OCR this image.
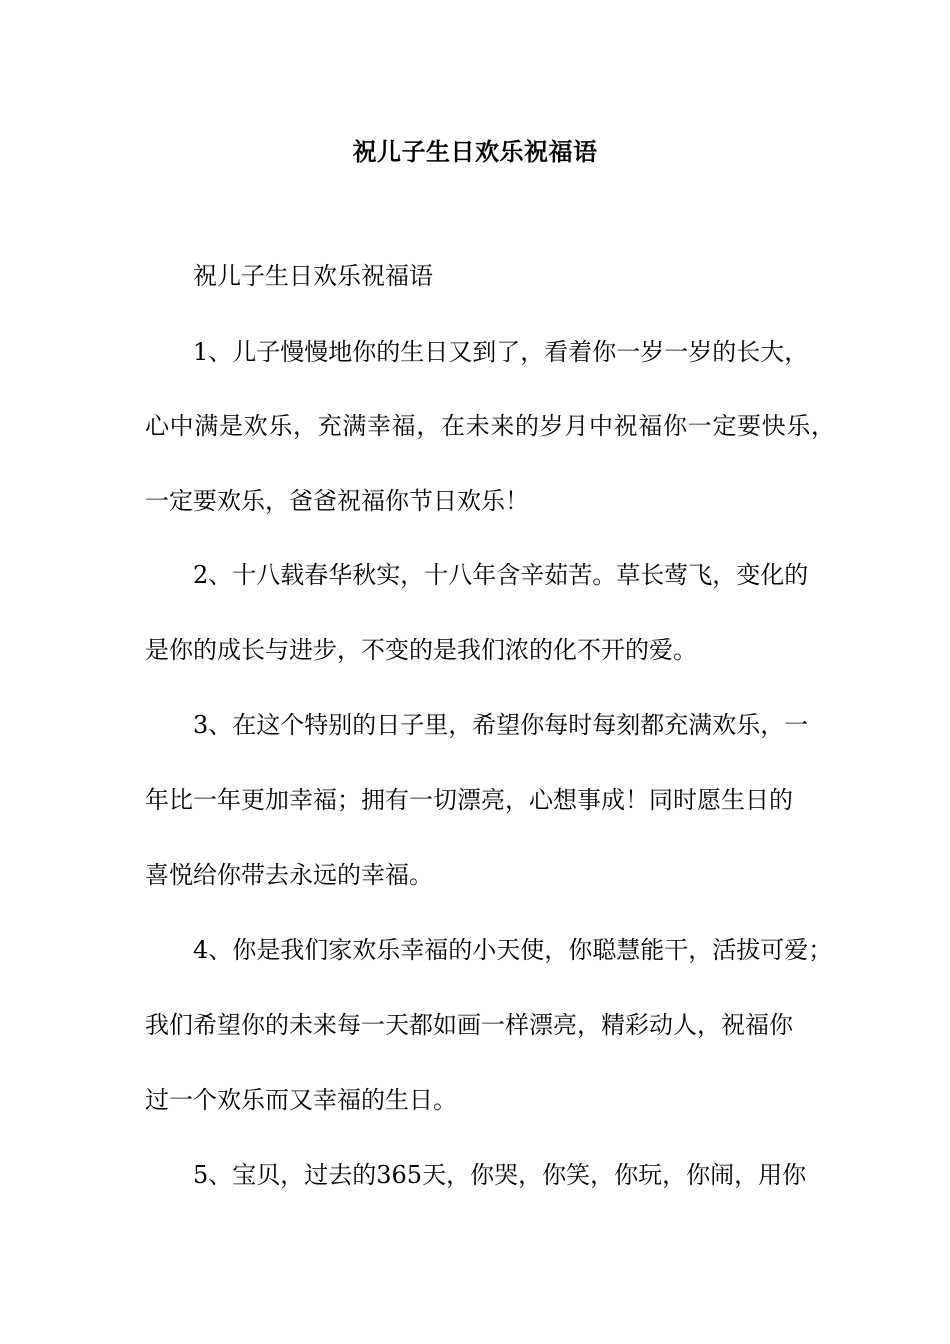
祝儿子生日欢乐祝福语
祝儿子生日欢乐祝福语
1、儿子慢慢地你的生日又到了，看着你一岁一岁的长大，
心中满是欢乐，充满幸福，在未来的岁月中祝福你一定要快乐，
一定要欢乐，爸爸祝福你节日欢乐！
2、十八载春华秋实，十八年含辛茹苦。草长莺飞，变化的
是你的成长与进步，不变的是我们浓的化不开的爱。
3、在这个特别的日子里，希望你每时每刻都充满欢乐，一
年比一年更加幸福；拥有一切漂亮，心想事成！同时愿生日的
喜悦给你带去永远的幸福。
4、你是我们家欢乐幸福的小天使，你聪慧能干，活拔可爱；
我们希望你的未来每一天都如画一样漂亮，精彩动人，祝福你
过一个欢乐而又幸福的生日。
5、宝贝，过去的365天，你哭，你笑，你玩，你闹，用你
